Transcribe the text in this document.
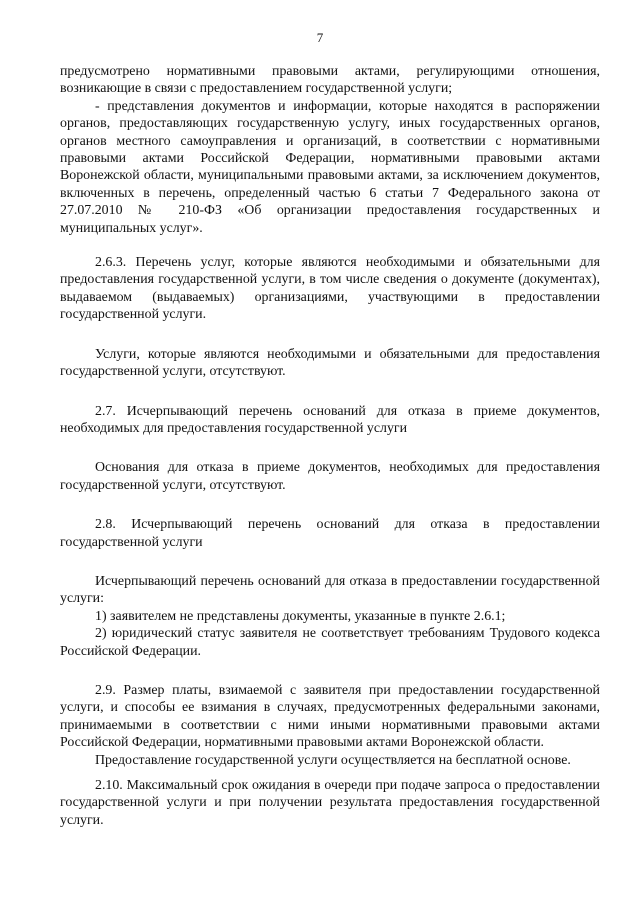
7

предусмотрено нормативными правовыми актами, регулирующими отношения, возникающие в связи с предоставлением государственной услуги;

- представления документов и информации, которые находятся в распоряжении органов, предоставляющих государственную услугу, иных государственных органов, органов местного самоуправления и организаций, в соответствии с нормативными правовыми актами Российской Федерации, нормативными правовыми актами Воронежской области, муниципальными правовыми актами, за исключением документов, включенных в перечень, определенный частью 6 статьи 7 Федерального закона от 27.07.2010 № 210-ФЗ «Об организации предоставления государственных и муниципальных услуг».

2.6.3. Перечень услуг, которые являются необходимыми и обязательными для предоставления государственной услуги, в том числе сведения о документе (документах), выдаваемом (выдаваемых) организациями, участвующими в предоставлении государственной услуги.

Услуги, которые являются необходимыми и обязательными для предоставления государственной услуги, отсутствуют.

2.7. Исчерпывающий перечень оснований для отказа в приеме документов, необходимых для предоставления государственной услуги

Основания для отказа в приеме документов, необходимых для предоставления государственной услуги, отсутствуют.

2.8. Исчерпывающий перечень оснований для отказа в предоставлении государственной услуги

Исчерпывающий перечень оснований для отказа в предоставлении государственной услуги:

1) заявителем не представлены документы, указанные в пункте 2.6.1;

2) юридический статус заявителя не соответствует требованиям Трудового кодекса Российской Федерации.

2.9. Размер платы, взимаемой с заявителя при предоставлении государственной услуги, и способы ее взимания в случаях, предусмотренных федеральными законами, принимаемыми в соответствии с ними иными нормативными правовыми актами Российской Федерации, нормативными правовыми актами Воронежской области.

Предоставление государственной услуги осуществляется на бесплатной основе.

2.10. Максимальный срок ожидания в очереди при подаче запроса о предоставлении государственной услуги и при получении результата предоставления государственной услуги.
